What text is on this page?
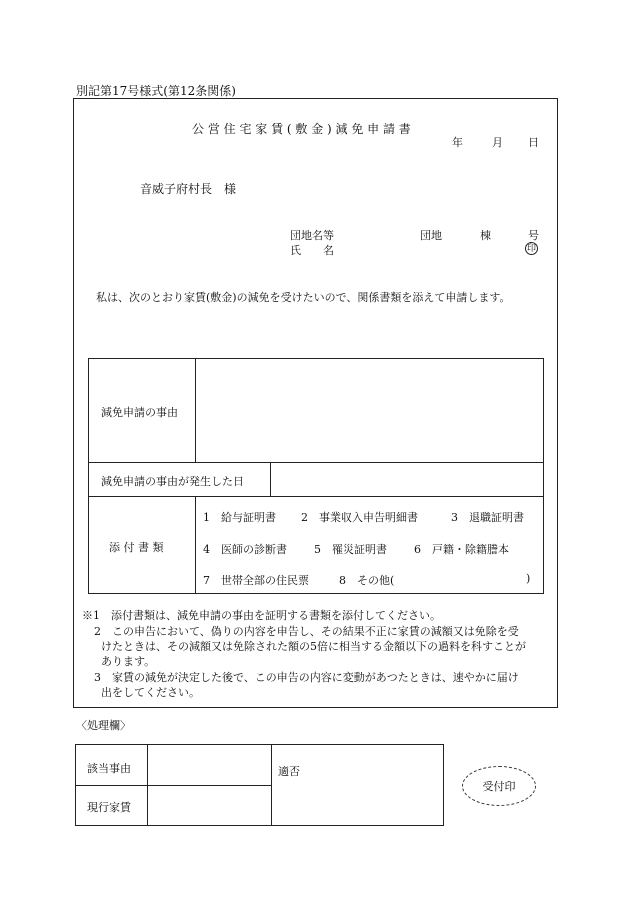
別記第17号様式(第12条関係)
公 営 住 宅 家 賃 ( 敷 金 ) 減 免 申 請 書
年	月 日
音威子府村長　様
団地名等	団地	棟	号
氏　　名	印
私は、次のとおり家賃(敷金)の減免を受けたいので、関係書類を添えて申請します。
減免申請の事由
減免申請の事由が発生した日
添 付 書 類
1　給与証明書 2　事業収入申告明細書	3　退職証明書
4　医師の診断書 5　罹災証明書 6　戸籍・除籍謄本
7　世帯全部の住民票	8　その他(	)
※1　添付書類は、減免申請の事由を証明する書類を添付してください。
2　この申告において、偽りの内容を申告し、その結果不正に家賃の減額又は免除を受
けたときは、その減額又は免除された額の5倍に相当する金額以下の過料を科すことが
あります。
3　家賃の減免が決定した後で、この申告の内容に変動があつたときは、速やかに届け
出をしてください。
〈処理欄〉
該当事由
現行家賃
適否
受付印
